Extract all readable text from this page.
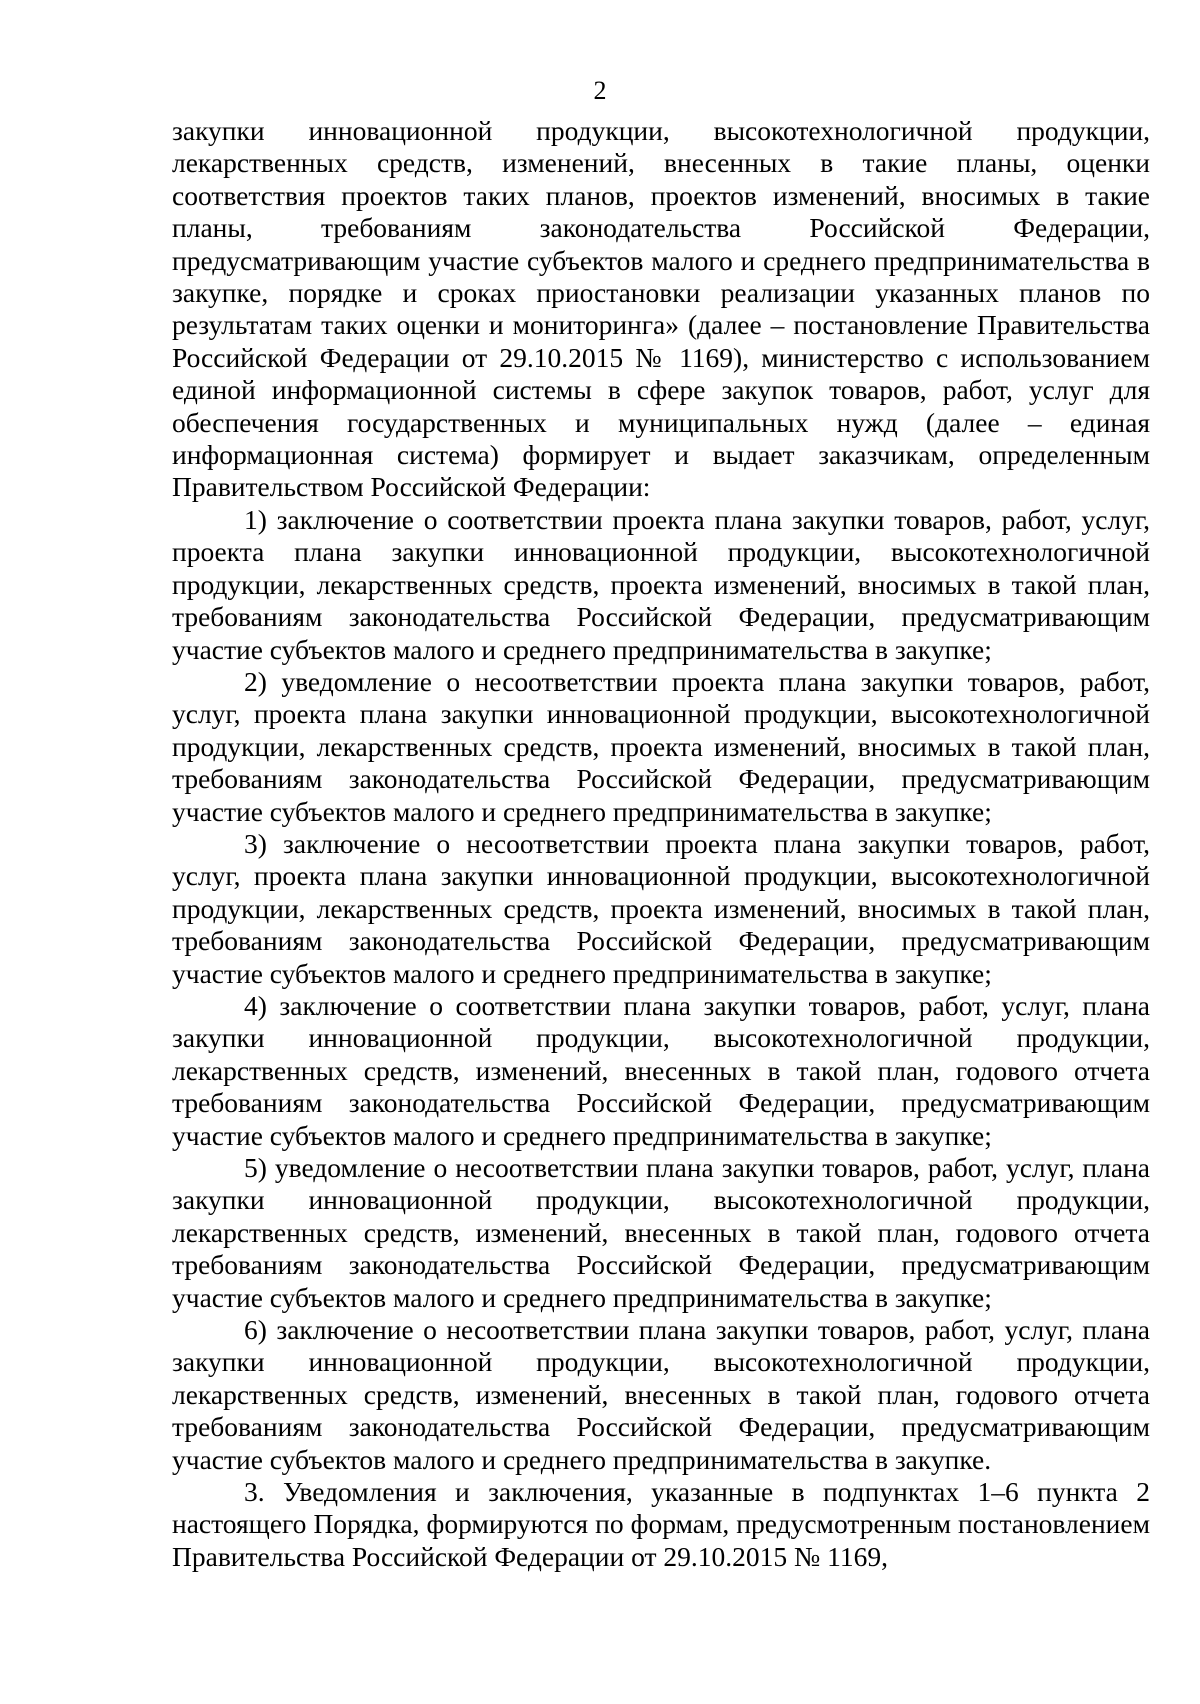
2

закупки инновационной продукции, высокотехнологичной продукции, лекарственных средств, изменений, внесенных в такие планы, оценки соответствия проектов таких планов, проектов изменений, вносимых в такие планы, требованиям законодательства Российской Федерации, предусматривающим участие субъектов малого и среднего предпринимательства в закупке, порядке и сроках приостановки реализации указанных планов по результатам таких оценки и мониторинга» (далее – постановление Правительства Российской Федерации от 29.10.2015 № 1169), министерство с использованием единой информационной системы в сфере закупок товаров, работ, услуг для обеспечения государственных и муниципальных нужд (далее – единая информационная система) формирует и выдает заказчикам, определенным Правительством Российской Федерации:

1) заключение о соответствии проекта плана закупки товаров, работ, услуг, проекта плана закупки инновационной продукции, высокотехнологичной продукции, лекарственных средств, проекта изменений, вносимых в такой план, требованиям законодательства Российской Федерации, предусматривающим участие субъектов малого и среднего предпринимательства в закупке;

2) уведомление о несоответствии проекта плана закупки товаров, работ, услуг, проекта плана закупки инновационной продукции, высокотехнологичной продукции, лекарственных средств, проекта изменений, вносимых в такой план, требованиям законодательства Российской Федерации, предусматривающим участие субъектов малого и среднего предпринимательства в закупке;

3) заключение о несоответствии проекта плана закупки товаров, работ, услуг, проекта плана закупки инновационной продукции, высокотехнологичной продукции, лекарственных средств, проекта изменений, вносимых в такой план, требованиям законодательства Российской Федерации, предусматривающим участие субъектов малого и среднего предпринимательства в закупке;

4) заключение о соответствии плана закупки товаров, работ, услуг, плана закупки инновационной продукции, высокотехнологичной продукции, лекарственных средств, изменений, внесенных в такой план, годового отчета требованиям законодательства Российской Федерации, предусматривающим участие субъектов малого и среднего предпринимательства в закупке;

5) уведомление о несоответствии плана закупки товаров, работ, услуг, плана закупки инновационной продукции, высокотехнологичной продукции, лекарственных средств, изменений, внесенных в такой план, годового отчета требованиям законодательства Российской Федерации, предусматривающим участие субъектов малого и среднего предпринимательства в закупке;

6) заключение о несоответствии плана закупки товаров, работ, услуг, плана закупки инновационной продукции, высокотехнологичной продукции, лекарственных средств, изменений, внесенных в такой план, годового отчета требованиям законодательства Российской Федерации, предусматривающим участие субъектов малого и среднего предпринимательства в закупке.

3. Уведомления и заключения, указанные в подпунктах 1–6 пункта 2 настоящего Порядка, формируются по формам, предусмотренным постановлением Правительства Российской Федерации от 29.10.2015 № 1169,
